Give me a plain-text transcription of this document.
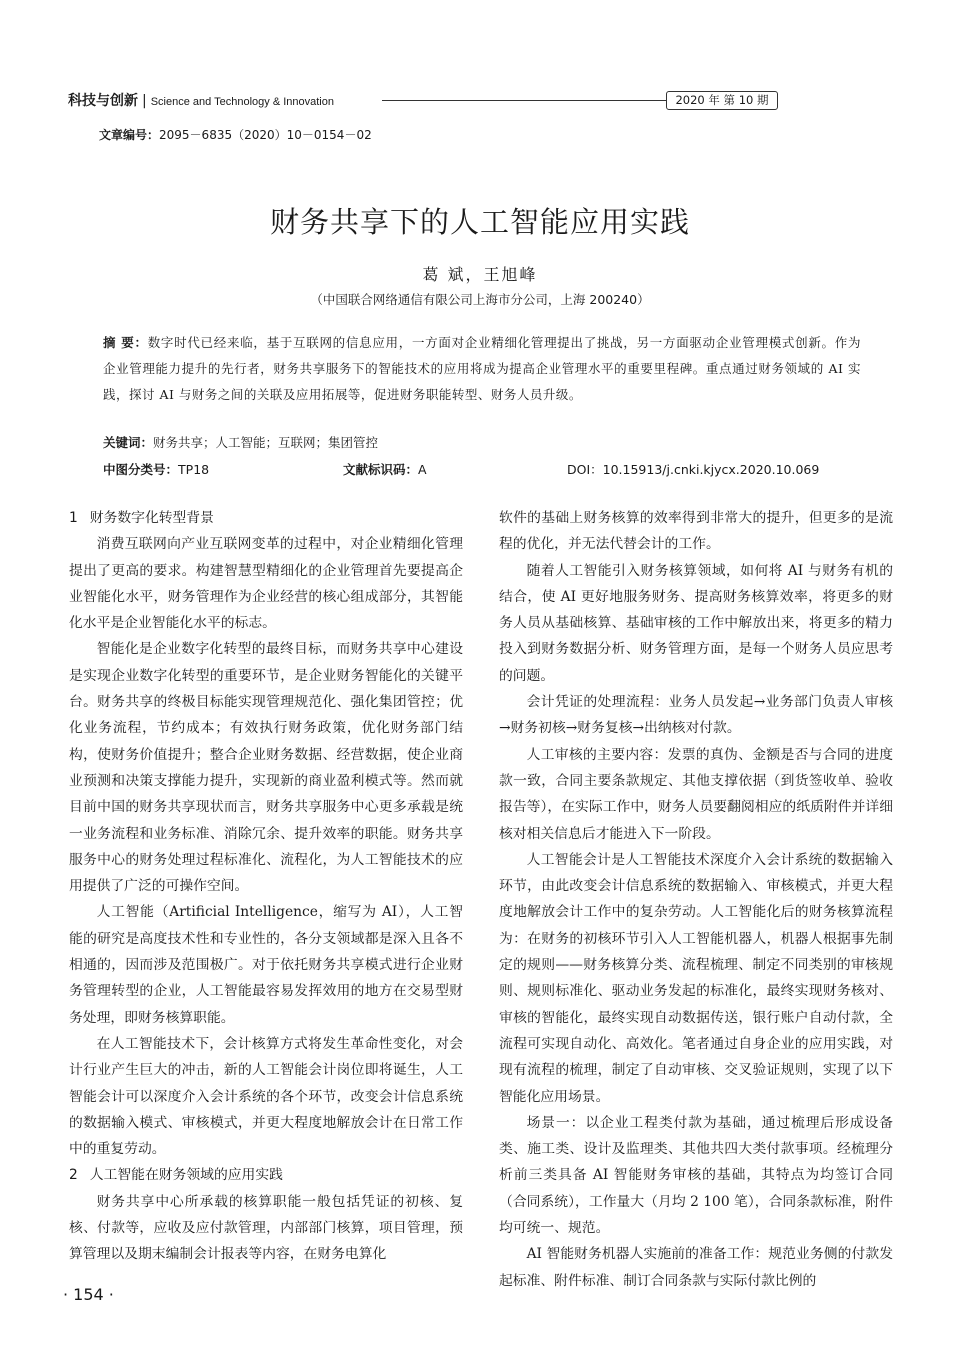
科技与创新 | Science and Technology & Innovation	2020 年 第 10 期
文章编号：2095－6835（2020）10－0154－02
财务共享下的人工智能应用实践
葛 斌，王旭峰
（中国联合网络通信有限公司上海市分公司，上海 200240）
摘 要：数字时代已经来临，基于互联网的信息应用，一方面对企业精细化管理提出了挑战，另一方面驱动企业管理模式创新。作为企业管理能力提升的先行者，财务共享服务下的智能技术的应用将成为提高企业管理水平的重要里程碑。重点通过财务领域的 AI 实践，探讨 AI 与财务之间的关联及应用拓展等，促进财务职能转型、财务人员升级。
关键词：财务共享；人工智能；互联网；集团管控
中图分类号：TP18	文献标识码：A	DOI：10.15913/j.cnki.kjycx.2020.10.069
1 财务数字化转型背景

消费互联网向产业互联网变革的过程中，对企业精细化管理提出了更高的要求。构建智慧型精细化的企业管理首先要提高企业智能化水平，财务管理作为企业经营的核心组成部分，其智能化水平是企业智能化水平的标志。

智能化是企业数字化转型的最终目标，而财务共享中心建设是实现企业数字化转型的重要环节，是企业财务智能化的关键平台。财务共享的终极目标能实现管理规范化、强化集团管控；优化业务流程，节约成本；有效执行财务政策，优化财务部门结构，使财务价值提升；整合企业财务数据、经营数据，使企业商业预测和决策支撑能力提升，实现新的商业盈利模式等。然而就目前中国的财务共享现状而言，财务共享服务中心更多承载是统一业务流程和业务标准、消除冗余、提升效率的职能。财务共享服务中心的财务处理过程标准化、流程化，为人工智能技术的应用提供了广泛的可操作空间。

人工智能（Artificial Intelligence，缩写为 AI），人工智能的研究是高度技术性和专业性的，各分支领域都是深入且各不相通的，因而涉及范围极广。对于依托财务共享模式进行企业财务管理转型的企业，人工智能最容易发挥效用的地方在交易型财务处理，即财务核算职能。

在人工智能技术下，会计核算方式将发生革命性变化，对会计行业产生巨大的冲击，新的人工智能会计岗位即将诞生，人工智能会计可以深度介入会计系统的各个环节，改变会计信息系统的数据输入模式、审核模式，并更大程度地解放会计在日常工作中的重复劳动。

2 人工智能在财务领域的应用实践

财务共享中心所承载的核算职能一般包括凭证的初核、复核、付款等，应收及应付款管理，内部部门核算，项目管理，预算管理以及期末编制会计报表等内容，在财务电算化

软件的基础上财务核算的效率得到非常大的提升，但更多的是流程的优化，并无法代替会计的工作。

随着人工智能引入财务核算领域，如何将 AI 与财务有机的结合，使 AI 更好地服务财务、提高财务核算效率，将更多的财务人员从基础核算、基础审核的工作中解放出来，将更多的精力投入到财务数据分析、财务管理方面，是每一个财务人员应思考的问题。

会计凭证的处理流程：业务人员发起→业务部门负责人审核→财务初核→财务复核→出纳核对付款。

人工审核的主要内容：发票的真伪、金额是否与合同的进度款一致，合同主要条款规定、其他支撑依据（到货签收单、验收报告等），在实际工作中，财务人员要翻阅相应的纸质附件并详细核对相关信息后才能进入下一阶段。

人工智能会计是人工智能技术深度介入会计系统的数据输入环节，由此改变会计信息系统的数据输入、审核模式，并更大程度地解放会计工作中的复杂劳动。人工智能化后的财务核算流程为：在财务的初核环节引入人工智能机器人，机器人根据事先制定的规则——财务核算分类、流程梳理、制定不同类别的审核规则、规则标准化、驱动业务发起的标准化，最终实现财务核对、审核的智能化，最终实现自动数据传送，银行账户自动付款，全流程可实现自动化、高效化。笔者通过自身企业的应用实践，对现有流程的梳理，制定了自动审核、交叉验证规则，实现了以下智能化应用场景。

场景一：以企业工程类付款为基础，通过梳理后形成设备类、施工类、设计及监理类、其他共四大类付款事项。经梳理分析前三类具备 AI 智能财务审核的基础，其特点为均签订合同（合同系统），工作量大（月均 2 100 笔），合同条款标准，附件均可统一、规范。

AI 智能财务机器人实施前的准备工作：规范业务侧的付款发起标准、附件标准、制订合同条款与实际付款比例的

· 154 ·
